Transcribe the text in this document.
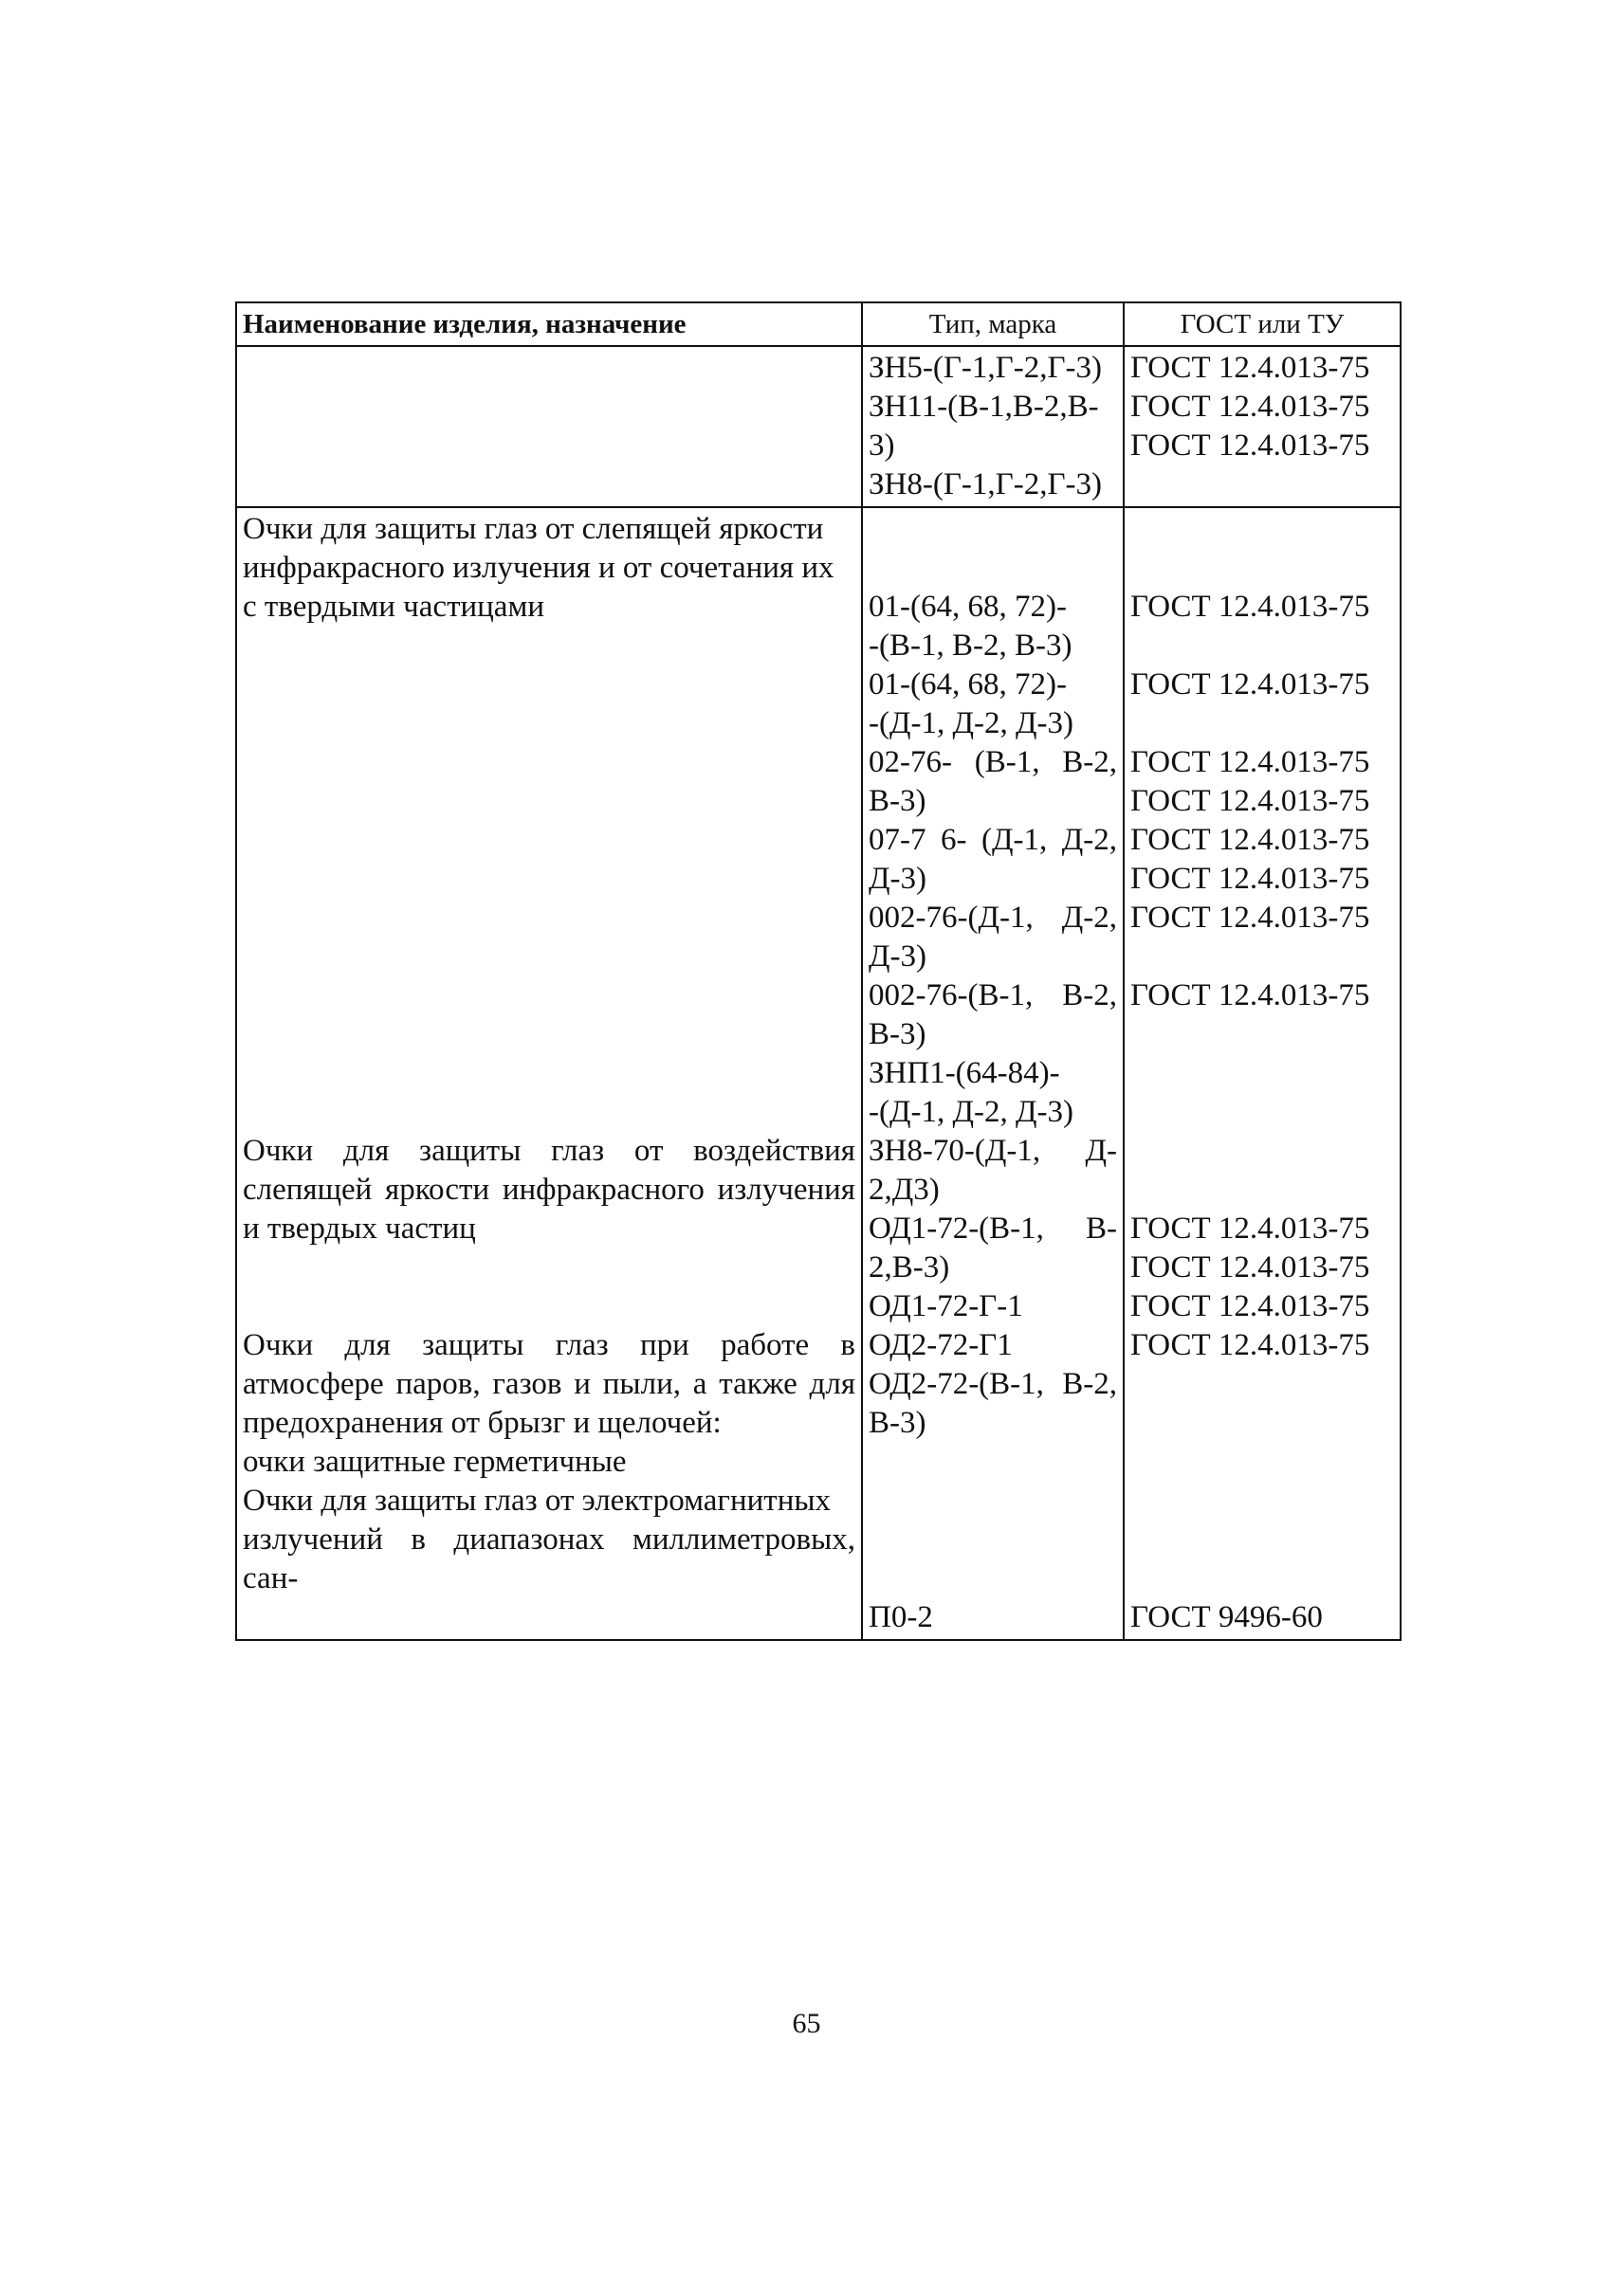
Наименование изделия, назначение	Тип, марка	ГОСТ или ТУ
ЗН5-(Г-1,Г-2,Г-3)
ЗН11-(В-1,В-2,В-
3)
ЗН8-(Г-1,Г-2,Г-3)
ГОСТ 12.4.013-75
ГОСТ 12.4.013-75
ГОСТ 12.4.013-75
Очки для защиты глаз от слепящей яркости
инфракрасного излучения и от сочетания их
с твердыми частицами
Очки для защиты глаз от воздействия
слепящей яркости инфракрасного излучения
и твердых частиц
Очки для защиты глаз при работе в
атмосфере паров, газов и пыли, а также для
предохранения от брызг и щелочей:
очки защитные герметичные
Очки для защиты глаз от электромагнитных
излучений в диапазонах миллиметровых,
сан-
01-(64, 68, 72)-
-(В-1, В-2, В-3)
01-(64, 68, 72)-
-(Д-1, Д-2, Д-3)
02-76- (В-1, В-2,
В-3)
07-7 6- (Д-1, Д-2,
Д-3)
002-76-(Д-1, Д-2,
Д-3)
002-76-(В-1, В-2,
В-3)
ЗНП1-(64-84)-
-(Д-1, Д-2, Д-3)
ЗН8-70-(Д-1, Д-
2,Д3)
ОД1-72-(В-1, В-
2,В-3)
ОД1-72-Г-1
ОД2-72-Г1
ОД2-72-(В-1, В-2,
В-3)
П0-2
ГОСТ 12.4.013-75
ГОСТ 12.4.013-75
ГОСТ 12.4.013-75
ГОСТ 12.4.013-75
ГОСТ 12.4.013-75
ГОСТ 12.4.013-75
ГОСТ 12.4.013-75
ГОСТ 12.4.013-75
ГОСТ 12.4.013-75
ГОСТ 12.4.013-75
ГОСТ 12.4.013-75
ГОСТ 12.4.013-75
ГОСТ 9496-60
65
